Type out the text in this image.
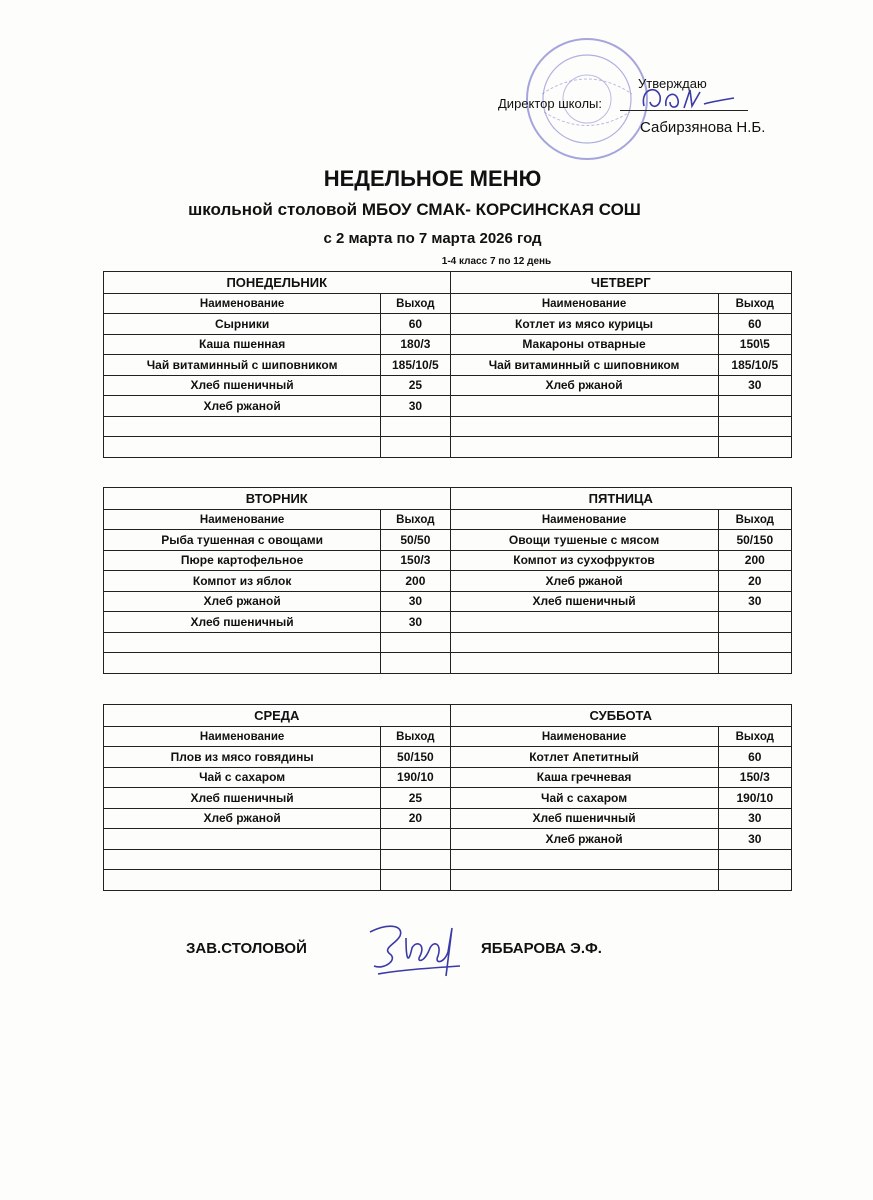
Утверждаю
Директор школы:
Сабирзянова Н.Б.
НЕДЕЛЬНОЕ МЕНЮ
школьной столовой МБОУ СМАК- КОРСИНСКАЯ СОШ
с 2 марта по 7 марта 2026 год
1-4 класс 7 по 12 день
ПОНЕДЕЛЬНИК		ЧЕТВЕРГ	
Наименование	Выход	Наименование	Выход
Сырники	60	Котлет из мясо курицы	60
Каша пшенная	180/3	Макароны отварные	150\5
Чай витаминный с шиповником	185/10/5	Чай витаминный с шиповником	185/10/5
Хлеб пшеничный	25	Хлеб ржаной	30
Хлеб ржаной	30		

ВТОРНИК		ПЯТНИЦА	
Наименование	Выход	Наименование	Выход
Рыба тушенная с овощами	50/50	Овощи тушеные с мясом	50/150
Пюре картофельное	150/3	Компот из сухофруктов	200
Компот из яблок	200	Хлеб ржаной	20
Хлеб ржаной	30	Хлеб пшеничный	30
Хлеб пшеничный	30		

СРЕДА		СУББОТА	
Наименование	Выход	Наименование	Выход
Плов из мясо говядины	50/150	Котлет Апетитный	60
Чай с сахаром	190/10	Каша гречневая	150/3
Хлеб пшеничный	25	Чай с сахаром	190/10
Хлеб ржаной	20	Хлеб пшеничный	30
		Хлеб ржаной	30

ЗАВ.СТОЛОВОЙ	ЯББАРОВА Э.Ф.
